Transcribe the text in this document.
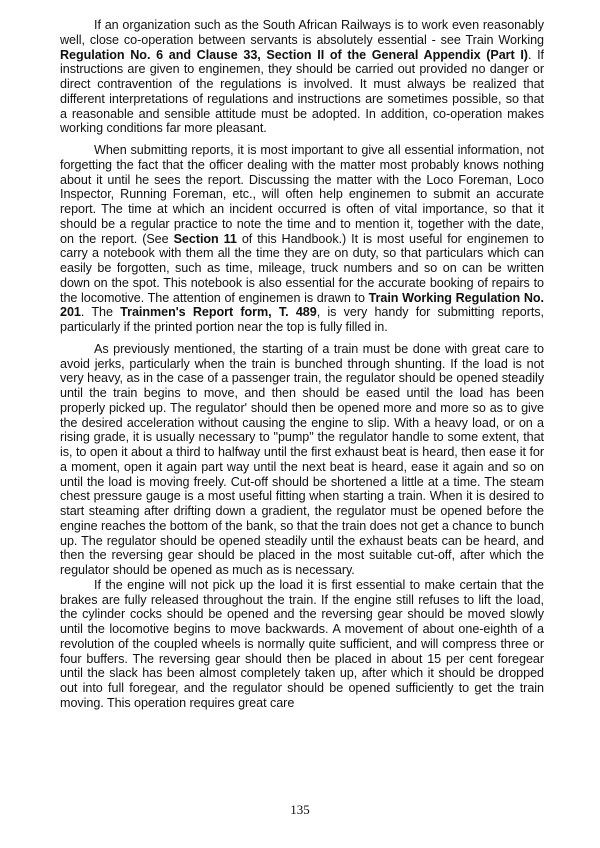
If an organization such as the South African Railways is to work even reasonably well, close co-operation between servants is absolutely essential - see Train Working Regulation No. 6 and Clause 33, Section II of the General Appendix (Part I). If instructions are given to enginemen, they should be carried out provided no danger or direct contravention of the regulations is involved. It must always be realized that different interpretations of regulations and instructions are sometimes possible, so that a reasonable and sensible attitude must be adopted. In addition, co-operation makes working conditions far more pleasant.

When submitting reports, it is most important to give all essential information, not forgetting the fact that the officer dealing with the matter most probably knows nothing about it until he sees the report. Discussing the matter with the Loco Foreman, Loco Inspector, Running Foreman, etc., will often help enginemen to submit an accurate report. The time at which an incident occurred is often of vital importance, so that it should be a regular practice to note the time and to mention it, together with the date, on the report. (See Section 11 of this Handbook.) It is most useful for enginemen to carry a notebook with them all the time they are on duty, so that particulars which can easily be forgotten, such as time, mileage, truck numbers and so on can be written down on the spot. This notebook is also essential for the accurate booking of repairs to the locomotive. The attention of enginemen is drawn to Train Working Regulation No. 201. The Trainmen's Report form, T. 489, is very handy for submitting reports, particularly if the printed portion near the top is fully filled in.

As previously mentioned, the starting of a train must be done with great care to avoid jerks, particularly when the train is bunched through shunting. If the load is not very heavy, as in the case of a passenger train, the regulator should be opened steadily until the train begins to move, and then should be eased until the load has been properly picked up. The regulator' should then be opened more and more so as to give the desired acceleration without causing the engine to slip. With a heavy load, or on a rising grade, it is usually necessary to "pump" the regulator handle to some extent, that is, to open it about a third to halfway until the first exhaust beat is heard, then ease it for a moment, open it again part way until the next beat is heard, ease it again and so on until the load is moving freely. Cut-off should be shortened a little at a time. The steam chest pressure gauge is a most useful fitting when starting a train. When it is desired to start steaming after drifting down a gradient, the regulator must be opened before the engine reaches the bottom of the bank, so that the train does not get a chance to bunch up. The regulator should be opened steadily until the exhaust beats can be heard, and then the reversing gear should be placed in the most suitable cut-off, after which the regulator should be opened as much as is necessary.

If the engine will not pick up the load it is first essential to make certain that the brakes are fully released throughout the train. If the engine still refuses to lift the load, the cylinder cocks should be opened and the reversing gear should be moved slowly until the locomotive begins to move backwards. A movement of about one-eighth of a revolution of the coupled wheels is normally quite sufficient, and will compress three or four buffers. The reversing gear should then be placed in about 15 per cent foregear until the slack has been almost completely taken up, after which it should be dropped out into full foregear, and the regulator should be opened sufficiently to get the train moving. This operation requires great care

135
